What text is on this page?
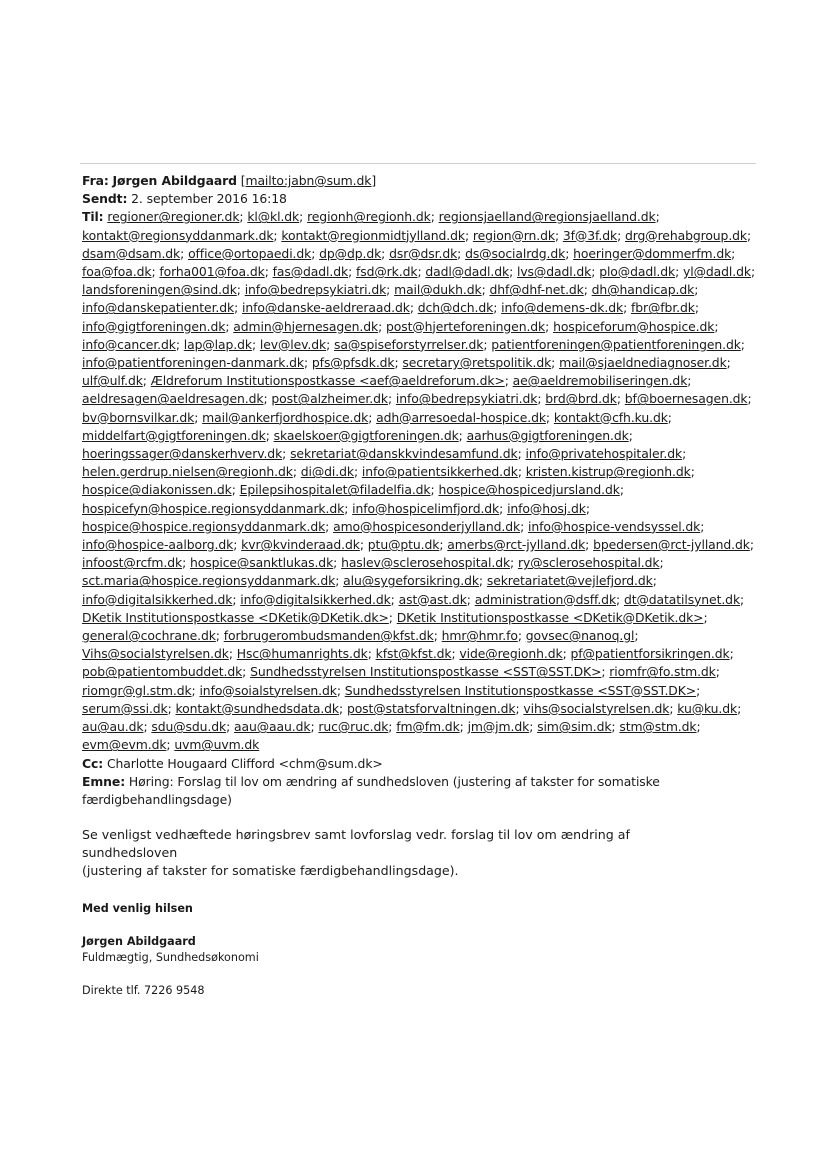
Fra: Jørgen Abildgaard [mailto:jabn@sum.dk]
Sendt: 2. september 2016 16:18
Til: regioner@regioner.dk; kl@kl.dk; regionh@regionh.dk; regionsjaelland@regionsjaelland.dk;
kontakt@regionsyddanmark.dk; kontakt@regionmidtjylland.dk; region@rn.dk; 3f@3f.dk; drg@rehabgroup.dk;
dsam@dsam.dk; office@ortopaedi.dk; dp@dp.dk; dsr@dsr.dk; ds@socialrdg.dk; hoeringer@dommerfm.dk;
foa@foa.dk; forha001@foa.dk; fas@dadl.dk; fsd@rk.dk; dadl@dadl.dk; lvs@dadl.dk; plo@dadl.dk; yl@dadl.dk;
landsforeningen@sind.dk; info@bedrepsykiatri.dk; mail@dukh.dk; dhf@dhf-net.dk; dh@handicap.dk;
info@danskepatienter.dk; info@danske-aeldreraad.dk; dch@dch.dk; info@demens-dk.dk; fbr@fbr.dk;
info@gigtforeningen.dk; admin@hjernesagen.dk; post@hjerteforeningen.dk; hospiceforum@hospice.dk;
info@cancer.dk; lap@lap.dk; lev@lev.dk; sa@spiseforstyrrelser.dk; patientforeningen@patientforeningen.dk;
info@patientforeningen-danmark.dk; pfs@pfsdk.dk; secretary@retspolitik.dk; mail@sjaeldnediagnoser.dk;
ulf@ulf.dk; Ældreforum Institutionspostkasse <aef@aeldreforum.dk>; ae@aeldremobiliseringen.dk;
aeldresagen@aeldresagen.dk; post@alzheimer.dk; info@bedrepsykiatri.dk; brd@brd.dk; bf@boernesagen.dk;
bv@bornsvilkar.dk; mail@ankerfjordhospice.dk; adh@arresoedal-hospice.dk; kontakt@cfh.ku.dk;
middelfart@gigtforeningen.dk; skaelskoer@gigtforeningen.dk; aarhus@gigtforeningen.dk;
hoeringssager@danskerhverv.dk; sekretariat@danskkvindesamfund.dk; info@privatehospitaler.dk;
helen.gerdrup.nielsen@regionh.dk; di@di.dk; info@patientsikkerhed.dk; kristen.kistrup@regionh.dk;
hospice@diakonissen.dk; Epilepsihospitalet@filadelfia.dk; hospice@hospicedjursland.dk;
hospicefyn@hospice.regionsyddanmark.dk; info@hospicelimfjord.dk; info@hosj.dk;
hospice@hospice.regionsyddanmark.dk; amo@hospicesonderjylland.dk; info@hospice-vendsyssel.dk;
info@hospice-aalborg.dk; kvr@kvinderaad.dk; ptu@ptu.dk; amerbs@rct-jylland.dk; bpedersen@rct-jylland.dk;
infoost@rcfm.dk; hospice@sanktlukas.dk; haslev@sclerosehospital.dk; ry@sclerosehospital.dk;
sct.maria@hospice.regionsyddanmark.dk; alu@sygeforsikring.dk; sekretariatet@vejlefjord.dk;
info@digitalsikkerhed.dk; info@digitalsikkerhed.dk; ast@ast.dk; administration@dsff.dk; dt@datatilsynet.dk;
DKetik Institutionspostkasse <DKetik@DKetik.dk>; DKetik Institutionspostkasse <DKetik@DKetik.dk>;
general@cochrane.dk; forbrugerombudsmanden@kfst.dk; hmr@hmr.fo; govsec@nanoq.gl;
Vihs@socialstyrelsen.dk; Hsc@humanrights.dk; kfst@kfst.dk; vide@regionh.dk; pf@patientforsikringen.dk;
pob@patientombuddet.dk; Sundhedsstyrelsen Institutionspostkasse <SST@SST.DK>; riomfr@fo.stm.dk;
riomgr@gl.stm.dk; info@soialstyrelsen.dk; Sundhedsstyrelsen Institutionspostkasse <SST@SST.DK>;
serum@ssi.dk; kontakt@sundhedsdata.dk; post@statsforvaltningen.dk; vihs@socialstyrelsen.dk; ku@ku.dk;
au@au.dk; sdu@sdu.dk; aau@aau.dk; ruc@ruc.dk; fm@fm.dk; jm@jm.dk; sim@sim.dk; stm@stm.dk;
evm@evm.dk; uvm@uvm.dk
Cc: Charlotte Hougaard Clifford <chm@sum.dk>
Emne: Høring: Forslag til lov om ændring af sundhedsloven (justering af takster for somatiske
færdigbehandlingsdage)
Se venligst vedhæftede høringsbrev samt lovforslag vedr. forslag til lov om ændring af sundhedsloven
(justering af takster for somatiske færdigbehandlingsdage).
Med venlig hilsen
Jørgen Abildgaard
Fuldmægtig, Sundhedsøkonomi
Direkte tlf. 7226 9548
